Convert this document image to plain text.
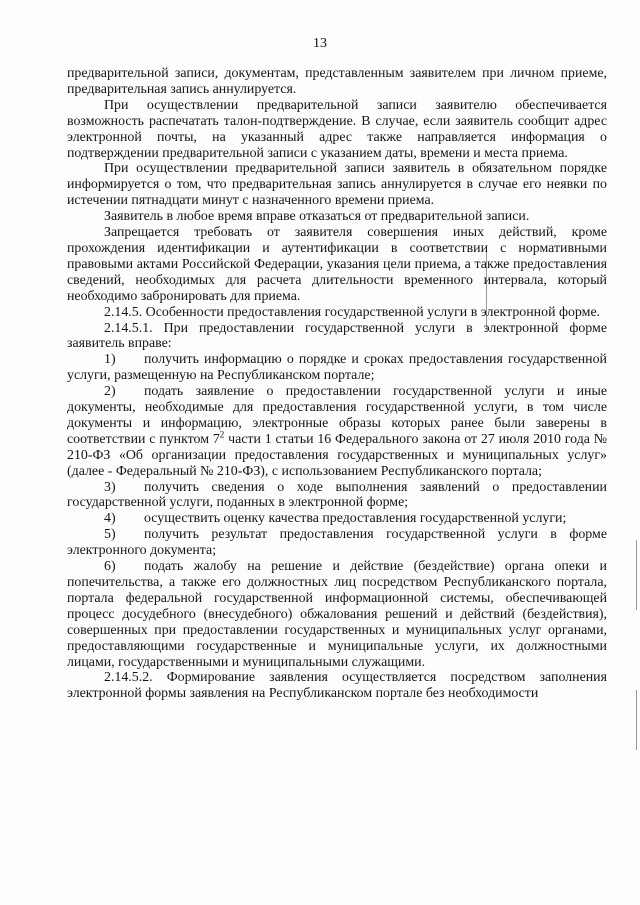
13

предварительной записи, документам, представленным заявителем при личном приеме, предварительная запись аннулируется.

При осуществлении предварительной записи заявителю обеспечивается возможность распечатать талон-подтверждение. В случае, если заявитель сообщит адрес электронной почты, на указанный адрес также направляется информация о подтверждении предварительной записи с указанием даты, времени и места приема.

При осуществлении предварительной записи заявитель в обязательном порядке информируется о том, что предварительная запись аннулируется в случае его неявки по истечении пятнадцати минут с назначенного времени приема.

Заявитель в любое время вправе отказаться от предварительной записи.

Запрещается требовать от заявителя совершения иных действий, кроме прохождения идентификации и аутентификации в соответствии с нормативными правовыми актами Российской Федерации, указания цели приема, а также предоставления сведений, необходимых для расчета длительности временного интервала, который необходимо забронировать для приема.

2.14.5. Особенности предоставления государственной услуги в электронной форме.

2.14.5.1. При предоставлении государственной услуги в электронной форме заявитель вправе:

1) получить информацию о порядке и сроках предоставления государственной услуги, размещенную на Республиканском портале;

2) подать заявление о предоставлении государственной услуги и иные документы, необходимые для предоставления государственной услуги, в том числе документы и информацию, электронные образы которых ранее были заверены в соответствии с пунктом $7^2$ части 1 статьи 16 Федерального закона от 27 июля 2010 года № 210-ФЗ «Об организации предоставления государственных и муниципальных услуг» (далее - Федеральный № 210-ФЗ), с использованием Республиканского портала;

3) получить сведения о ходе выполнения заявлений о предоставлении государственной услуги, поданных в электронной форме;

4) осуществить оценку качества предоставления государственной услуги;

5) получить результат предоставления государственной услуги в форме электронного документа;

6) подать жалобу на решение и действие (бездействие) органа опеки и попечительства, а также его должностных лиц посредством Республиканского портала, портала федеральной государственной информационной системы, обеспечивающей процесс досудебного (внесудебного) обжалования решений и действий (бездействия), совершенных при предоставлении государственных и муниципальных услуг органами, предоставляющими государственные и муниципальные услуги, их должностными лицами, государственными и муниципальными служащими.

2.14.5.2. Формирование заявления осуществляется посредством заполнения электронной формы заявления на Республиканском портале без необходимости
